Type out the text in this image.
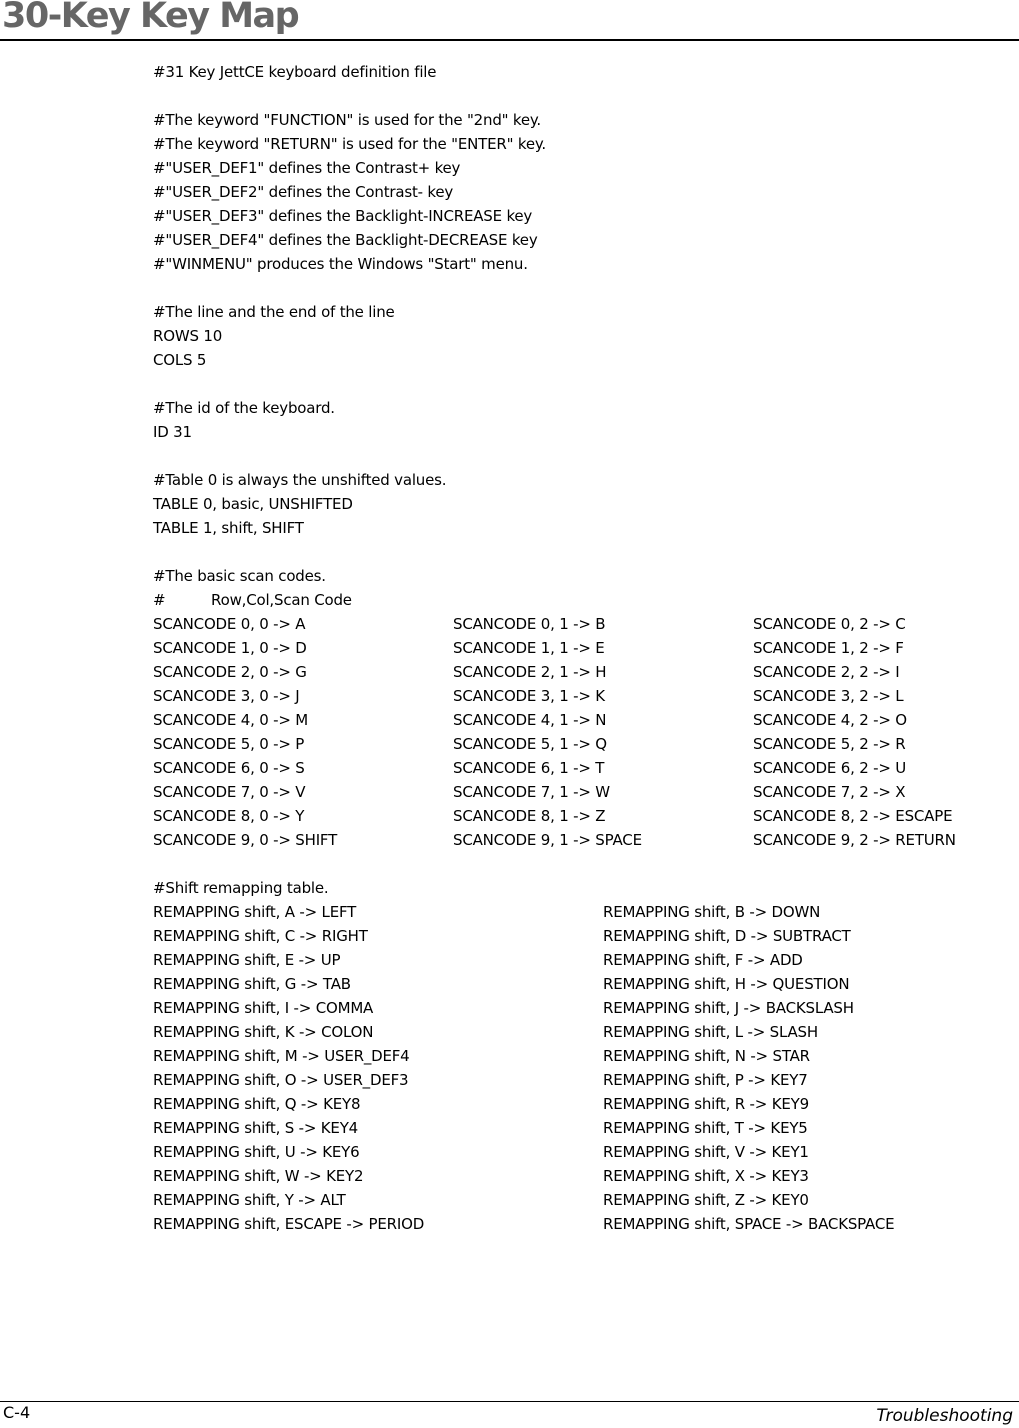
30-Key Key Map
#31 Key JettCE keyboard definition file
#The keyword "FUNCTION" is used for the "2nd" key.
#The keyword "RETURN" is used for the "ENTER" key.
#"USER_DEF1" defines the Contrast+ key
#"USER_DEF2" defines the Contrast- key
#"USER_DEF3" defines the Backlight-INCREASE key
#"USER_DEF4" defines the Backlight-DECREASE key
#"WINMENU" produces the Windows "Start" menu.
#The line and the end of the line
ROWS 10
COLS 5
#The id of the keyboard.
ID 31
#Table 0 is always the unshifted values.
TABLE 0, basic, UNSHIFTED
TABLE 1, shift, SHIFT
#The basic scan codes.
#          Row,Col,Scan Code
SCANCODE 0, 0 -> A	SCANCODE 0, 1 -> B	SCANCODE 0, 2 -> C
SCANCODE 1, 0 -> D	SCANCODE 1, 1 -> E	SCANCODE 1, 2 -> F
SCANCODE 2, 0 -> G	SCANCODE 2, 1 -> H	SCANCODE 2, 2 -> I
SCANCODE 3, 0 -> J	SCANCODE 3, 1 -> K	SCANCODE 3, 2 -> L
SCANCODE 4, 0 -> M	SCANCODE 4, 1 -> N	SCANCODE 4, 2 -> O
SCANCODE 5, 0 -> P	SCANCODE 5, 1 -> Q	SCANCODE 5, 2 -> R
SCANCODE 6, 0 -> S	SCANCODE 6, 1 -> T	SCANCODE 6, 2 -> U
SCANCODE 7, 0 -> V	SCANCODE 7, 1 -> W	SCANCODE 7, 2 -> X
SCANCODE 8, 0 -> Y	SCANCODE 8, 1 -> Z	SCANCODE 8, 2 -> ESCAPE
SCANCODE 9, 0 -> SHIFT	SCANCODE 9, 1 -> SPACE	SCANCODE 9, 2 -> RETURN
#Shift remapping table.
REMAPPING shift, A -> LEFT	REMAPPING shift, B -> DOWN
REMAPPING shift, C -> RIGHT	REMAPPING shift, D -> SUBTRACT
REMAPPING shift, E -> UP	REMAPPING shift, F -> ADD
REMAPPING shift, G -> TAB	REMAPPING shift, H -> QUESTION
REMAPPING shift, I -> COMMA	REMAPPING shift, J -> BACKSLASH
REMAPPING shift, K -> COLON	REMAPPING shift, L -> SLASH
REMAPPING shift, M -> USER_DEF4	REMAPPING shift, N -> STAR
REMAPPING shift, O -> USER_DEF3	REMAPPING shift, P -> KEY7
REMAPPING shift, Q -> KEY8	REMAPPING shift, R -> KEY9
REMAPPING shift, S -> KEY4	REMAPPING shift, T -> KEY5
REMAPPING shift, U -> KEY6	REMAPPING shift, V -> KEY1
REMAPPING shift, W -> KEY2	REMAPPING shift, X -> KEY3
REMAPPING shift, Y -> ALT	REMAPPING shift, Z -> KEY0
REMAPPING shift, ESCAPE -> PERIOD	REMAPPING shift, SPACE -> BACKSPACE
C-4	Troubleshooting
